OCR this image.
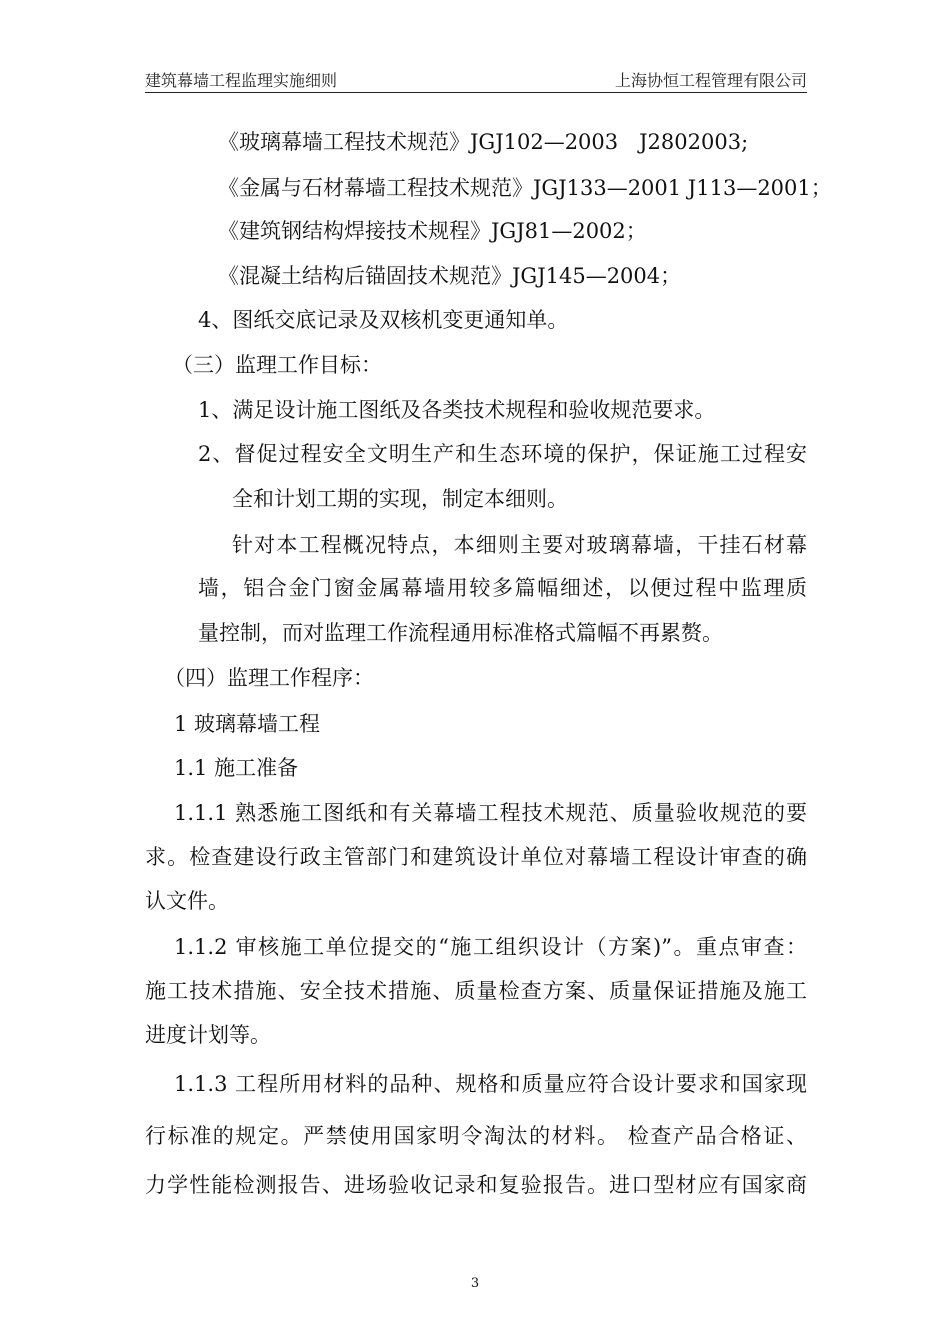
建筑幕墙工程监理实施细则	上海协恒工程管理有限公司
《玻璃幕墙工程技术规范》JGJ102—2003　J2802003;
《金属与石材幕墙工程技术规范》JGJ133—2001 J113—2001；
《建筑钢结构焊接技术规程》JGJ81—2002；
《混凝土结构后锚固技术规范》JGJ145—2004；
4、图纸交底记录及双核机变更通知单。
（三）监理工作目标：
1、满足设计施工图纸及各类技术规程和验收规范要求。
2、督促过程安全文明生产和生态环境的保护，保证施工过程安
全和计划工期的实现，制定本细则。
针对本工程概况特点，本细则主要对玻璃幕墙，干挂石材幕
墙，铝合金门窗金属幕墙用较多篇幅细述，以便过程中监理质
量控制，而对监理工作流程通用标准格式篇幅不再累赘。
（四）监理工作程序：
1 玻璃幕墙工程
1.1 施工准备
1.1.1 熟悉施工图纸和有关幕墙工程技术规范、质量验收规范的要
求。检查建设行政主管部门和建筑设计单位对幕墙工程设计审查的确
认文件。
1.1.2 审核施工单位提交的“施工组织设计（方案)”。重点审查：
施工技术措施、安全技术措施、质量检查方案、质量保证措施及施工
进度计划等。
1.1.3 工程所用材料的品种、规格和质量应符合设计要求和国家现
行标准的规定。严禁使用国家明令淘汰的材料。 检查产品合格证、
力学性能检测报告、进场验收记录和复验报告。进口型材应有国家商
3
